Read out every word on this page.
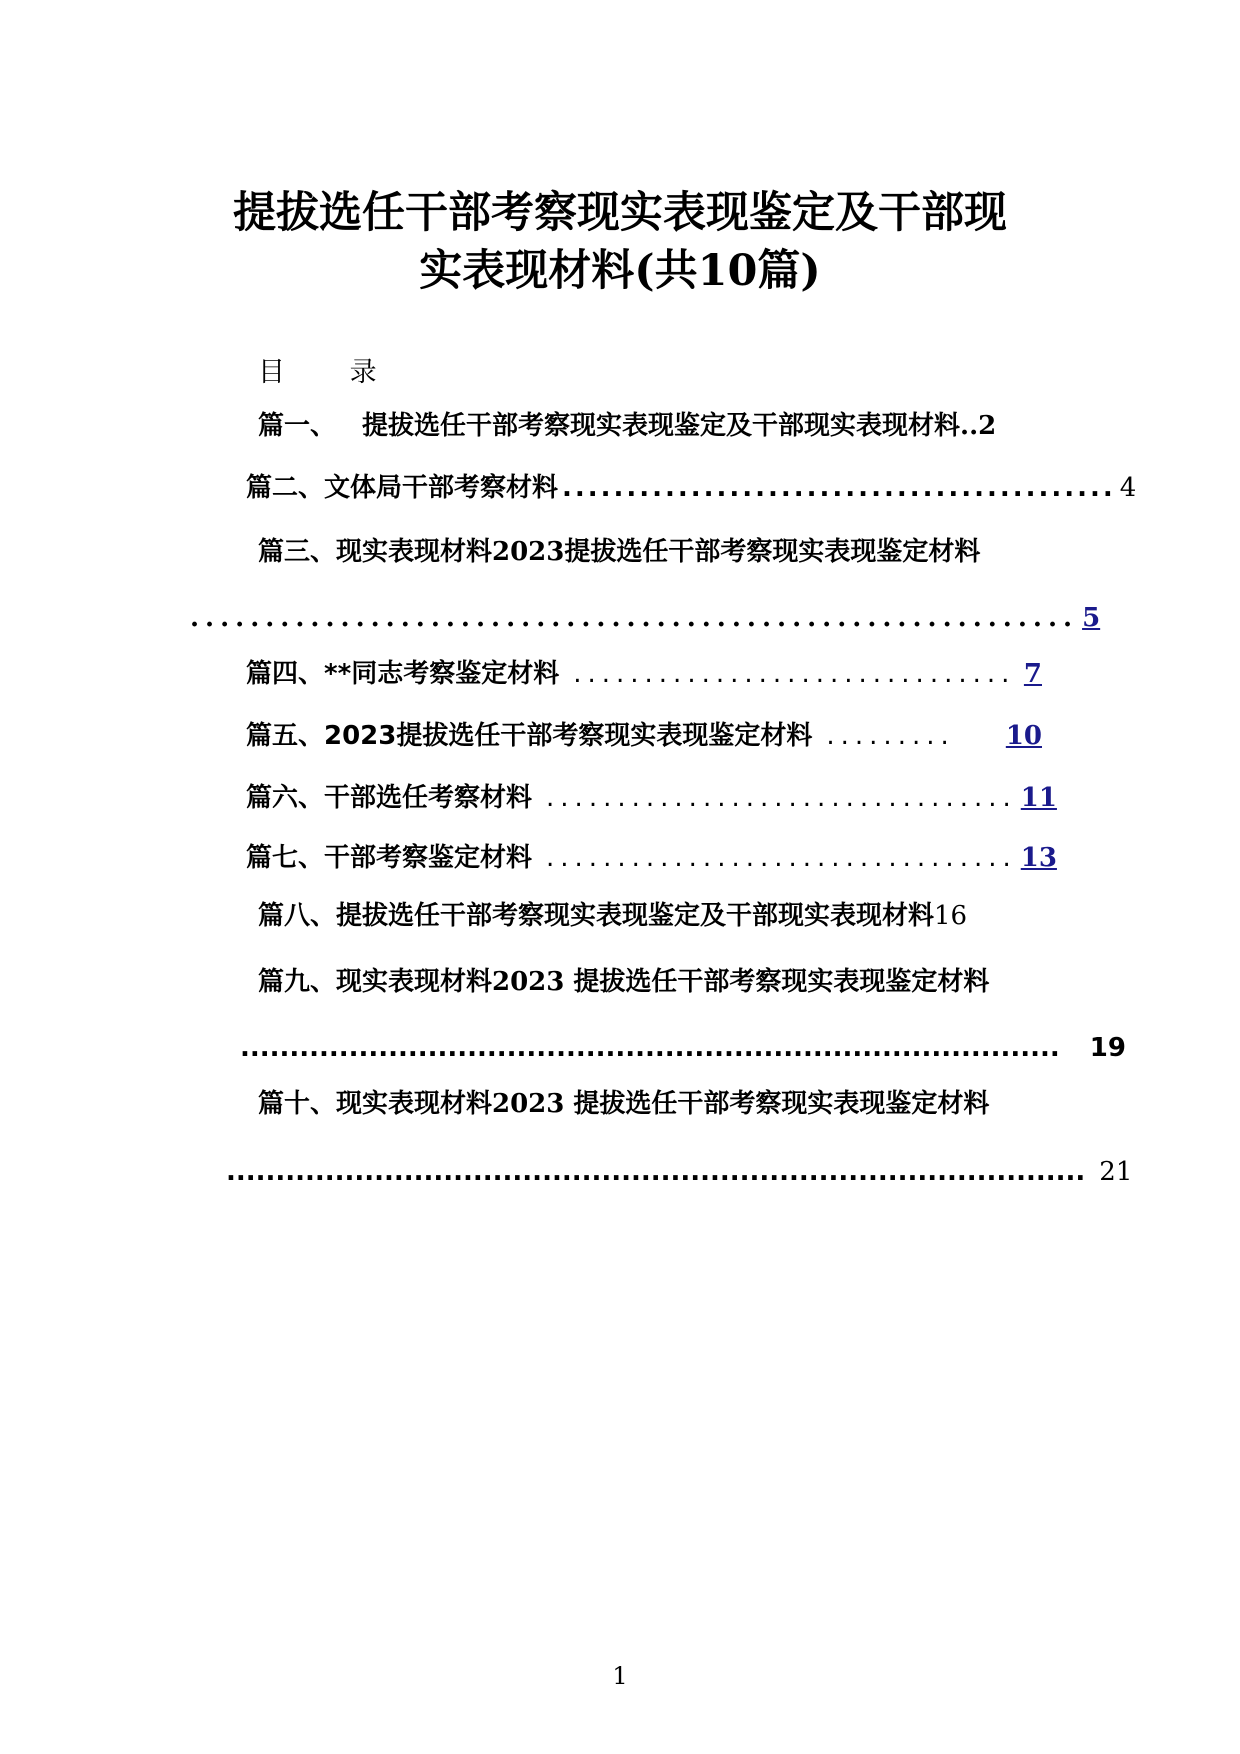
提拔选任干部考察现实表现鉴定及干部现
实表现材料(共10篇)
目 录
篇一、 提拔选任干部考察现实表现鉴定及干部现实表现材料 .. 2
篇二、文体局干部考察材料 ........................................... 4
篇三、现实表现材料2023提拔选任干部考察现实表现鉴定材料
........................................................... 5
篇四、**同志考察鉴定材料 ............................... 7
篇五、2023提拔选任干部考察现实表现鉴定材料 .........	10
篇六、 干部选任考察材料 ................................. 11
篇七、干部考察鉴定材料 ................................. 13
篇八、提拔选任干部考察现实表现鉴定及干部现实表现材料 16
篇九、现实表现材料2023 提拔选任干部考察现实表现鉴定材料
................................................................................... 19
篇十、现实表现材料2023 提拔选任干部考察现实表现鉴定材料
....................................................................................... 21
1
